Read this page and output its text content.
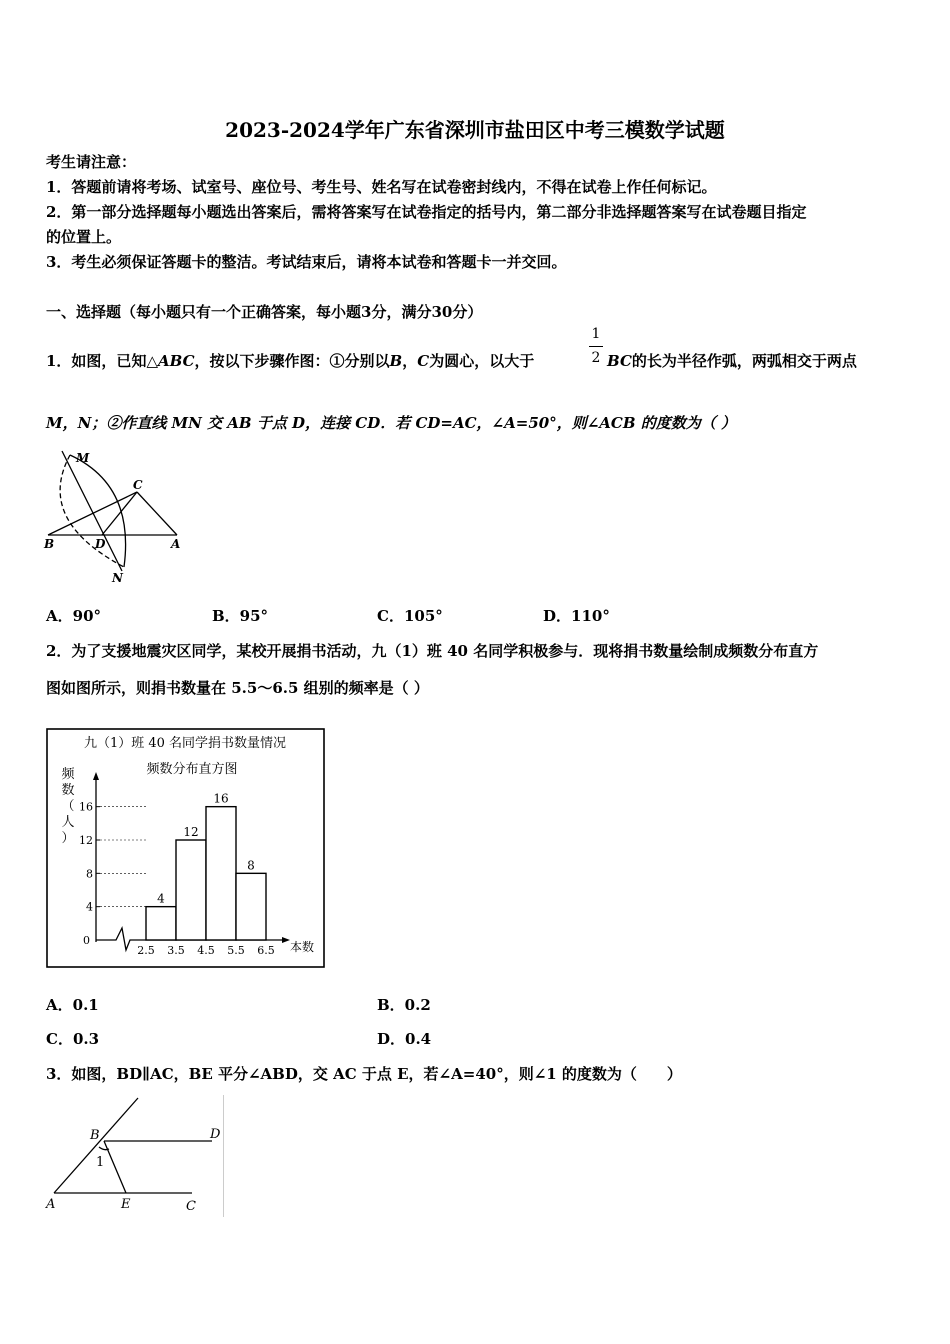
2023-2024学年广东省深圳市盐田区中考三模数学试题
考生请注意：
1．答题前请将考场、试室号、座位号、考生号、姓名写在试卷密封线内，不得在试卷上作任何标记。
2．第一部分选择题每小题选出答案后，需将答案写在试卷指定的括号内，第二部分非选择题答案写在试卷题目指定
的位置上。
3．考生必须保证答题卡的整洁。考试结束后，请将本试卷和答题卡一并交回。
一、选择题（每小题只有一个正确答案，每小题3分，满分30分）
1．如图，已知△ABC，按以下步骤作图：①分别以B，C为圆心，以大于
1
2 BC的长为半径作弧，两弧相交于两点
M，N；②作直线 MN 交 AB 于点 D，连接 CD．若 CD=AC，∠A=50°，则∠ACB 的度数为（ ）
M
C
B	D	A
N
A．90°	B．95°	C．105°	D．110°
2．为了支援地震灾区同学，某校开展捐书活动，九（1）班 40 名同学积极参与．现将捐书数量绘制成频数分布直方
图如图所示，则捐书数量在 5.5～6.5 组别的频率是（ ）
九（1）班 40 名同学捐书数量情况
频数分布直方图
频
数
（
人
）
本数
0
4
8
12
16
2.5 3.5 4.5 5.5 6.5
4
12
16
8
A．0.1	B．0.2
C．0.3	D．0.4
3．如图，BD∥AC，BE 平分∠ABD，交 AC 于点 E，若∠A=40°，则∠1 的度数为（　　）
B	D
1
A	E	C
